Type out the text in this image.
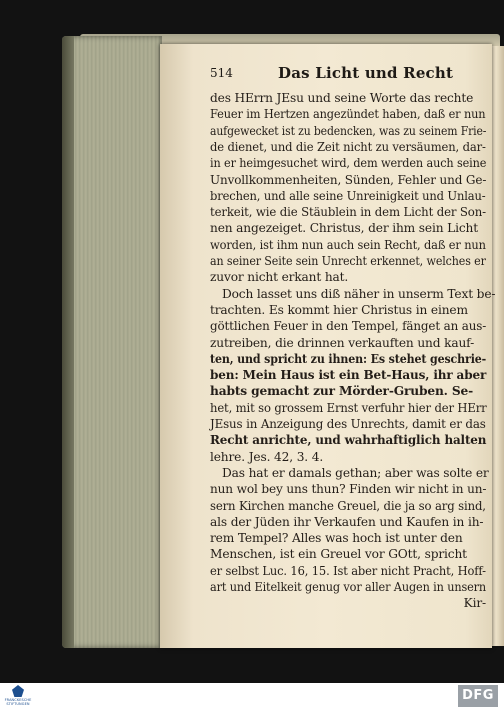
514	Das Licht und Recht
des HErrn JEsu und seine Worte das rechte
Feuer im Hertzen angezündet haben, daß er nun
aufgewecket ist zu bedencken, was zu seinem Frie-
de dienet, und die Zeit nicht zu versäumen, dar-
in er heimgesuchet wird, dem werden auch seine
Unvollkommenheiten, Sünden, Fehler und Ge-
brechen, und alle seine Unreinigkeit und Unlau-
terkeit, wie die Stäublein in dem Licht der Son-
nen angezeiget. Christus, der ihm sein Licht
worden, ist ihm nun auch sein Recht, daß er nun
an seiner Seite sein Unrecht erkennet, welches er
zuvor nicht erkant hat.
Doch lasset uns diß näher in unserm Text be-
trachten. Es kommt hier Christus in einem
göttlichen Feuer in den Tempel, fänget an aus-
zutreiben, die drinnen verkauften und kauf-
ten, und spricht zu ihnen: Es stehet geschrie-
ben: Mein Haus ist ein Bet-Haus, ihr aber
habts gemacht zur Mörder-Gruben. Se-
het, mit so grossem Ernst verfuhr hier der HErr
JEsus in Anzeigung des Unrechts, damit er das
Recht anrichte, und wahrhaftiglich halten
lehre. Jes. 42, 3. 4.
Das hat er damals gethan; aber was solte er
nun wol bey uns thun? Finden wir nicht in un-
sern Kirchen manche Greuel, die ja so arg sind,
als der Jüden ihr Verkaufen und Kaufen in ih-
rem Tempel? Alles was hoch ist unter den
Menschen, ist ein Greuel vor GOtt, spricht
er selbst Luc. 16, 15. Ist aber nicht Pracht, Hoff-
art und Eitelkeit genug vor aller Augen in unsern
Kir-
FRANCKESCHE STIFTUNGEN
DFG
